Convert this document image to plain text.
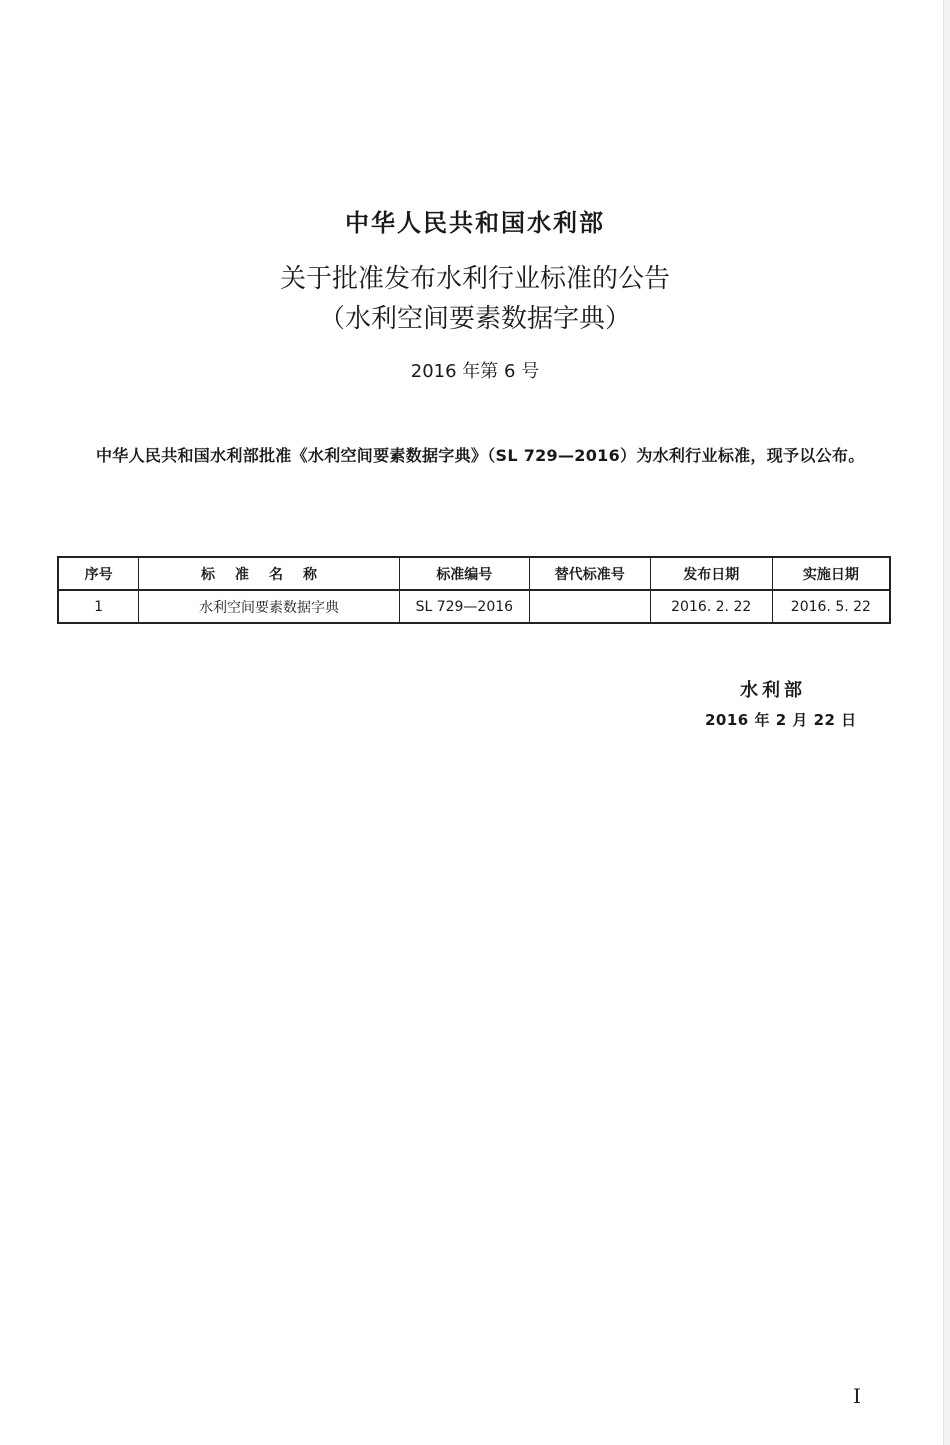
中华人民共和国水利部
关于批准发布水利行业标准的公告
（水利空间要素数据字典）
2016 年第 6 号
中华人民共和国水利部批准《水利空间要素数据字典》（SL 729—2016）为水利行业标准，现予以公布。
序号	标准名称	标准编号	替代标准号	发布日期	实施日期
1	水利空间要素数据字典	SL 729—2016		2016. 2. 22	2016. 5. 22
水利部
2016 年 2 月 22 日
I
